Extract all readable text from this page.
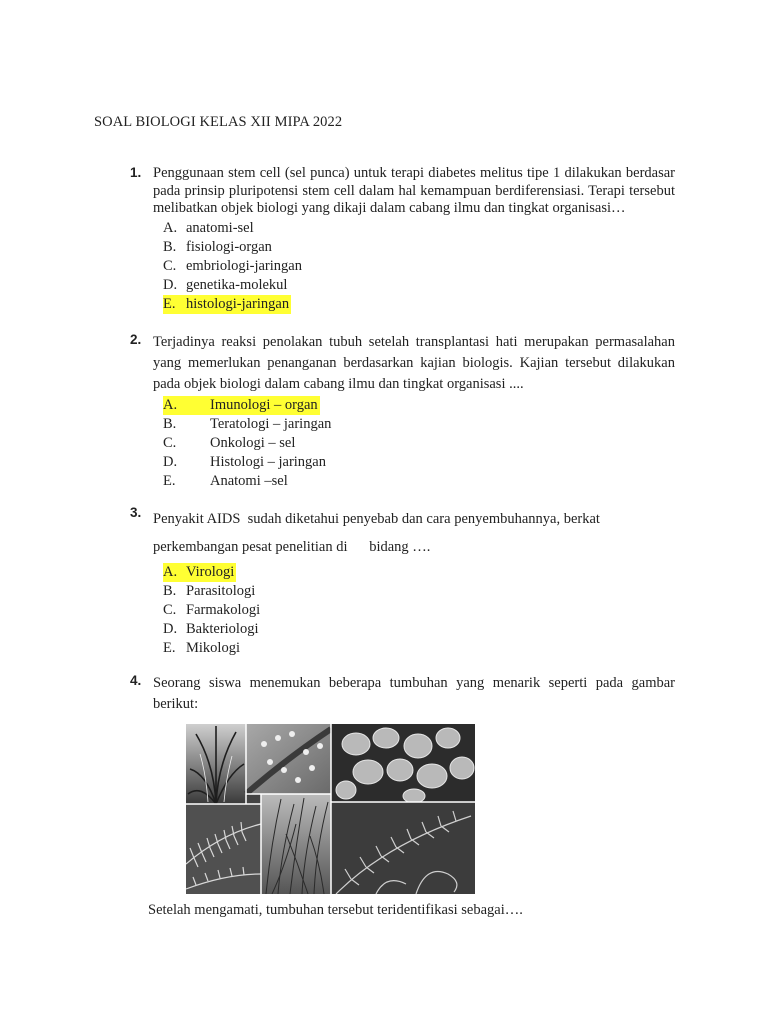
SOAL BIOLOGI KELAS XII MIPA 2022
1. Penggunaan stem cell (sel punca) untuk terapi diabetes melitus tipe 1 dilakukan berdasar pada prinsip pluripotensi stem cell dalam hal kemampuan berdiferensiasi. Terapi tersebut melibatkan objek biologi yang dikaji dalam cabang ilmu dan tingkat organisasi…
A. anatomi-sel
B. fisiologi-organ
C. embriologi-jaringan
D. genetika-molekul
E. histologi-jaringan
2. Terjadinya reaksi penolakan tubuh setelah transplantasi hati merupakan permasalahan yang memerlukan penanganan berdasarkan kajian biologis. Kajian tersebut dilakukan pada objek biologi dalam cabang ilmu dan tingkat organisasi ....
A.	Imunologi – organ
B.	Teratologi – jaringan
C.	Onkologi – sel
D.	Histologi – jaringan
E.	Anatomi –sel
3. Penyakit AIDS  sudah diketahui penyebab dan cara penyembuhannya, berkat perkembangan pesat penelitian di      bidang ….
A. Virologi
B. Parasitologi
C. Farmakologi
D. Bakteriologi
E. Mikologi
4. Seorang siswa menemukan beberapa tumbuhan yang menarik seperti pada gambar berikut:
Setelah mengamati, tumbuhan tersebut teridentifikasi sebagai….
